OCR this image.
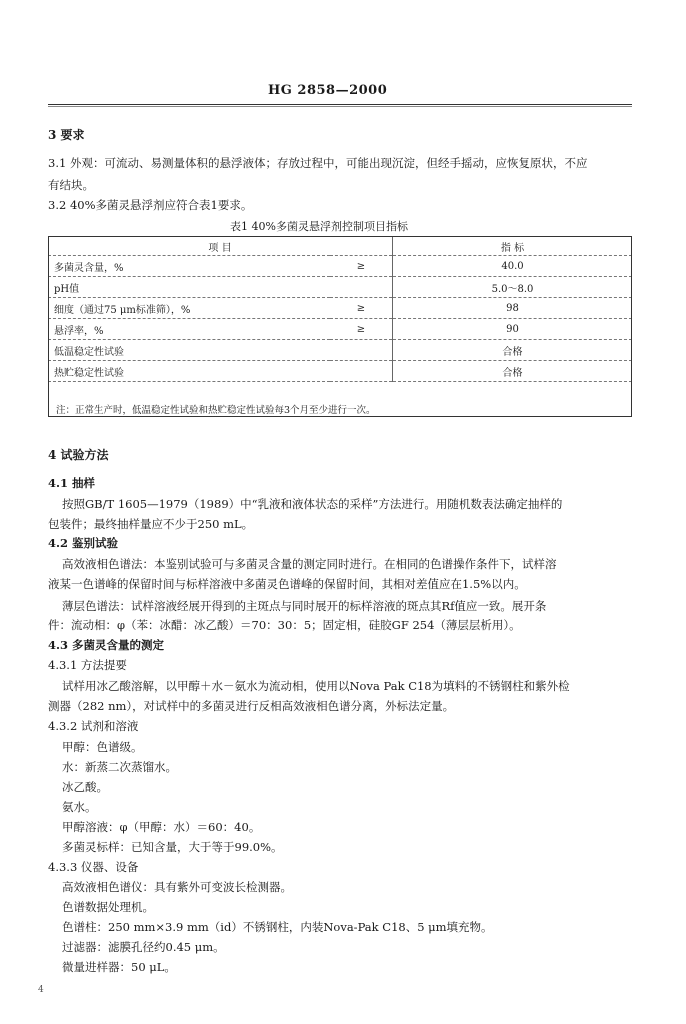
HG 2858—2000
3 要求
3.1 外观：可流动、易测量体积的悬浮液体；存放过程中，可能出现沉淀，但经手摇动，应恢复原状，不应
有结块。
3.2 40%多菌灵悬浮剂应符合表1要求。
表1 40%多菌灵悬浮剂控制项目指标
项 目		指 标
多菌灵含量，%	≥	40.0
pH值		5.0～8.0
细度（通过75 μm标准筛），%	≥	98
悬浮率，%	≥	90
低温稳定性试验		合格
热贮稳定性试验		合格

注：正常生产时，低温稳定性试验和热贮稳定性试验每3个月至少进行一次。
4 试验方法
4.1 抽样
按照GB/T 1605—1979（1989）中“乳液和液体状态的采样”方法进行。用随机数表法确定抽样的
包装件；最终抽样量应不少于250 mL。
4.2 鉴别试验
高效液相色谱法：本鉴别试验可与多菌灵含量的测定同时进行。在相同的色谱操作条件下，试样溶
液某一色谱峰的保留时间与标样溶液中多菌灵色谱峰的保留时间，其相对差值应在1.5%以内。
薄层色谱法：试样溶液经展开得到的主斑点与同时展开的标样溶液的斑点其Rf值应一致。展开条
件：流动相：φ（苯：冰醋：冰乙酸）＝70：30：5；固定相，硅胶GF 254（薄层层析用）。
4.3 多菌灵含量的测定
4.3.1 方法提要
试样用冰乙酸溶解，以甲醇＋水－氨水为流动相，使用以Nova Pak C18为填料的不锈钢柱和紫外检
测器（282 nm），对试样中的多菌灵进行反相高效液相色谱分离，外标法定量。
4.3.2 试剂和溶液
甲醇：色谱级。
水：新蒸二次蒸馏水。
冰乙酸。
氨水。
甲醇溶液：φ（甲醇：水）＝60：40。
多菌灵标样：已知含量，大于等于99.0%。
4.3.3 仪器、设备
高效液相色谱仪：具有紫外可变波长检测器。
色谱数据处理机。
色谱柱：250 mm×3.9 mm（id）不锈钢柱，内装Nova-Pak C18、5 μm填充物。
过滤器：滤膜孔径约0.45 μm。
微量进样器：50 μL。
4
